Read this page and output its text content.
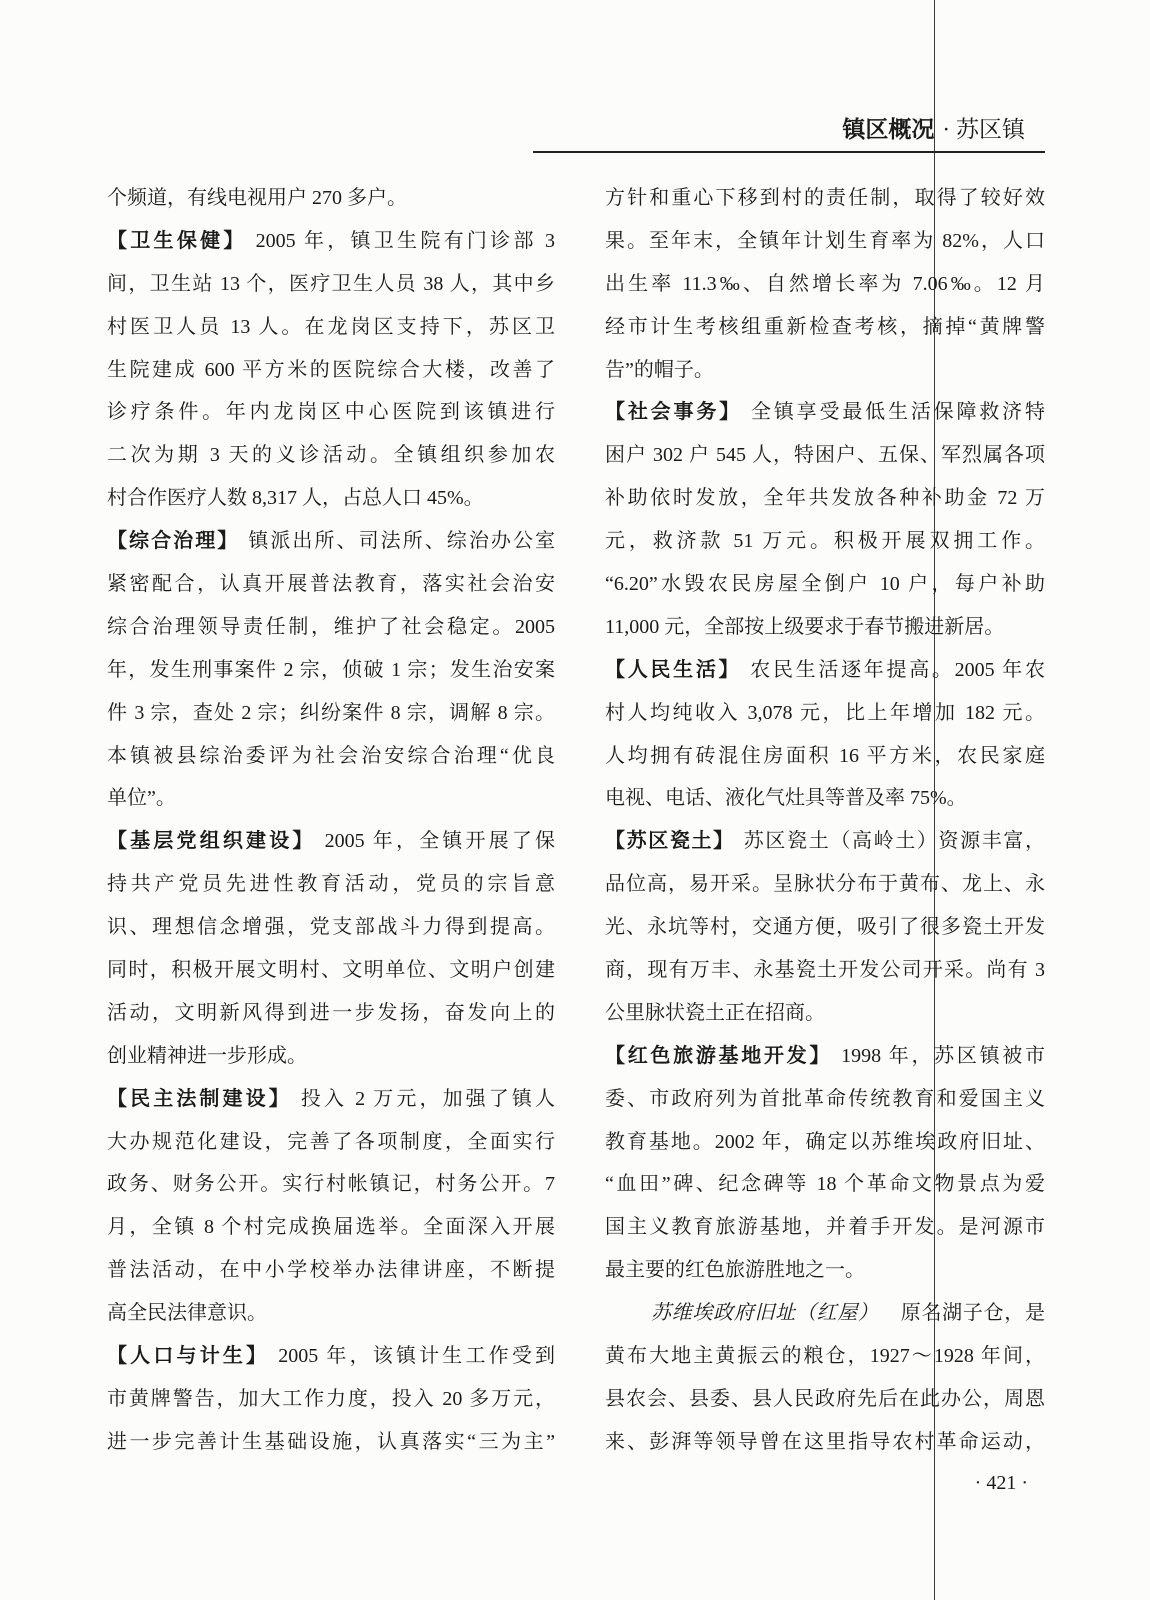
镇区概况 · 苏区镇
个频道，有线电视用户 270 多户。
【卫生保健】 2005 年，镇卫生院有门诊部 3
间，卫生站 13 个，医疗卫生人员 38 人，其中乡
村医卫人员 13 人。在龙岗区支持下，苏区卫
生院建成 600 平方米的医院综合大楼，改善了
诊疗条件。年内龙岗区中心医院到该镇进行
二次为期 3 天的义诊活动。全镇组织参加农
村合作医疗人数 8,317 人，占总人口 45%。
【综合治理】 镇派出所、司法所、综治办公室
紧密配合，认真开展普法教育，落实社会治安
综合治理领导责任制，维护了社会稳定。2005
年，发生刑事案件 2 宗，侦破 1 宗；发生治安案
件 3 宗，查处 2 宗；纠纷案件 8 宗，调解 8 宗。
本镇被县综治委评为社会治安综合治理“优良
单位”。
【基层党组织建设】 2005 年，全镇开展了保
持共产党员先进性教育活动，党员的宗旨意
识、理想信念增强，党支部战斗力得到提高。
同时，积极开展文明村、文明单位、文明户创建
活动，文明新风得到进一步发扬，奋发向上的
创业精神进一步形成。
【民主法制建设】 投入 2 万元，加强了镇人
大办规范化建设，完善了各项制度，全面实行
政务、财务公开。实行村帐镇记，村务公开。7
月，全镇 8 个村完成换届选举。全面深入开展
普法活动，在中小学校举办法律讲座，不断提
高全民法律意识。
【人口与计生】 2005 年，该镇计生工作受到
市黄牌警告，加大工作力度，投入 20 多万元，
进一步完善计生基础设施，认真落实“三为主”
方针和重心下移到村的责任制，取得了较好效
果。至年末，全镇年计划生育率为 82%，人口
出生率 11.3‰、自然增长率为 7.06‰。12 月
经市计生考核组重新检查考核，摘掉“黄牌警
告”的帽子。
【社会事务】 全镇享受最低生活保障救济特
困户 302 户 545 人，特困户、五保、军烈属各项
补助依时发放，全年共发放各种补助金 72 万
元，救济款 51 万元。积极开展双拥工作。
“6.20”水毁农民房屋全倒户 10 户，每户补助
11,000 元，全部按上级要求于春节搬进新居。
【人民生活】 农民生活逐年提高。2005 年农
村人均纯收入 3,078 元，比上年增加 182 元。
人均拥有砖混住房面积 16 平方米，农民家庭
电视、电话、液化气灶具等普及率 75%。
【苏区瓷土】 苏区瓷土（高岭土）资源丰富，
品位高，易开采。呈脉状分布于黄布、龙上、永
光、永坑等村，交通方便，吸引了很多瓷土开发
商，现有万丰、永基瓷土开发公司开采。尚有 3
公里脉状瓷土正在招商。
【红色旅游基地开发】 1998 年，苏区镇被市
委、市政府列为首批革命传统教育和爱国主义
教育基地。2002 年，确定以苏维埃政府旧址、
“血田”碑、纪念碑等 18 个革命文物景点为爱
国主义教育旅游基地，并着手开发。是河源市
最主要的红色旅游胜地之一。
苏维埃政府旧址（红屋） 原名湖子仓，是
黄布大地主黄振云的粮仓，1927～1928 年间，
县农会、县委、县人民政府先后在此办公，周恩
来、彭湃等领导曾在这里指导农村革命运动，
· 421 ·
